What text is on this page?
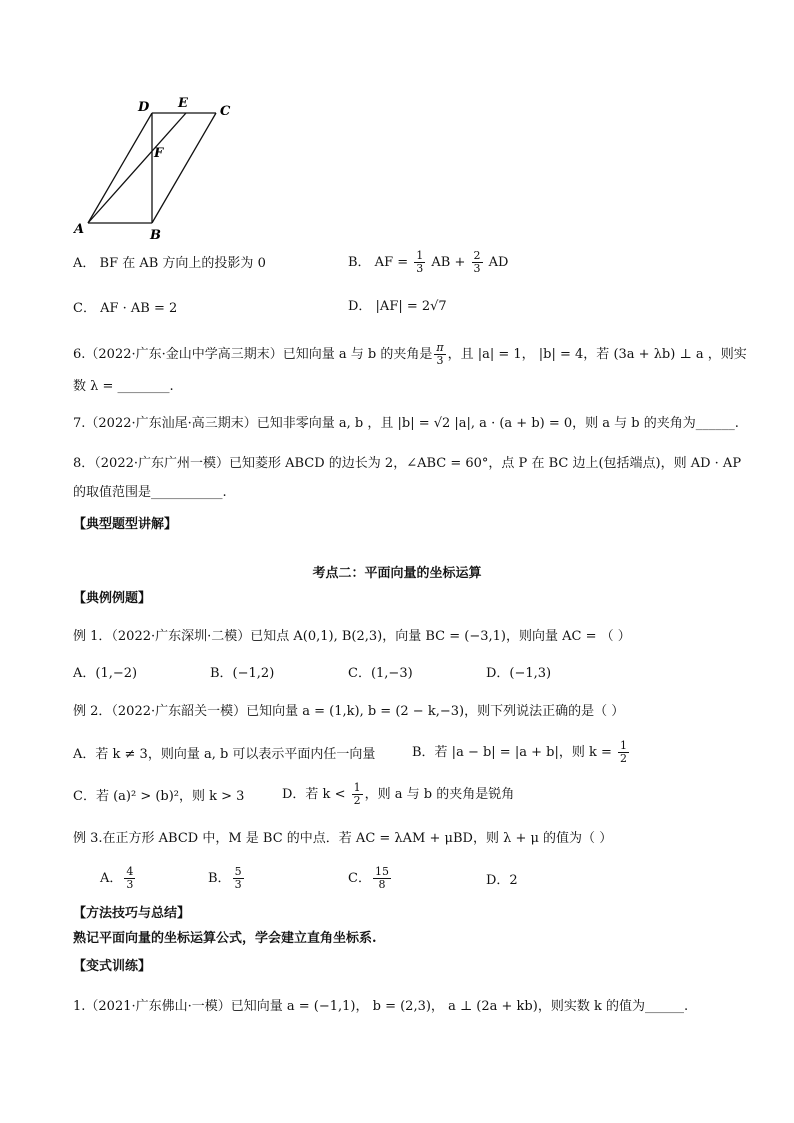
A	B
C
D E
F
A． BF 在 AB 方向上的投影为 0	B． AF = $\frac{1}{3}$ AB + $\frac{2}{3}$ AD
C． AF · AB = 2	D． |AF| = 2√7
6.（2022·广东·金山中学高三期末）已知向量 a 与 b 的夹角是 $\frac{\pi}{3}$ ，且 |a| = 1， |b| = 4，若 (3a + λb) ⊥ a ，则实
数 λ = ________.
7.（2022·广东汕尾·高三期末）已知非零向量 a, b ，且 |b| = √2 |a|, a · (a + b) = 0，则 a 与 b 的夹角为______.
8．（2022·广东广州一模）已知菱形 ABCD 的边长为 2，∠ABC = 60°，点 P 在 BC 边上(包括端点)，则 AD · AP
的取值范围是___________.
【典型题型讲解】
考点二：平面向量的坐标运算
【典例例题】
例 1．（2022·广东深圳·二模）已知点 A(0,1), B(2,3)，向量 BC = (−3,1)，则向量 AC = （ ）
A．(1,−2)	B．(−1,2)	C．(1,−3)	D．(−1,3)
例 2．（2022·广东韶关一模）已知向量 a = (1,k), b = (2 − k,−3)，则下列说法正确的是（ ）
A．若 k ≠ 3，则向量 a, b 可以表示平面内任一向量	B．若 |a − b| = |a + b|，则 $k = \frac{1}{2}$
C．若 (a)² > (b)²，则 k > 3	D．若 $k < \frac{1}{2}$ ，则 a 与 b 的夹角是锐角
例 3.在正方形 ABCD 中，M 是 BC 的中点．若 AC = λAM + μBD，则 λ + μ 的值为（ ）
A． $\frac{4}{3}$	B． $\frac{5}{3}$	C． $\frac{15}{8}$	D．2
【方法技巧与总结】
熟记平面向量的坐标运算公式，学会建立直角坐标系.
【变式训练】
1.（2021·广东佛山·一模）已知向量 a = (−1,1)， b = (2,3)， a ⊥ (2a + kb)，则实数 k 的值为______.
